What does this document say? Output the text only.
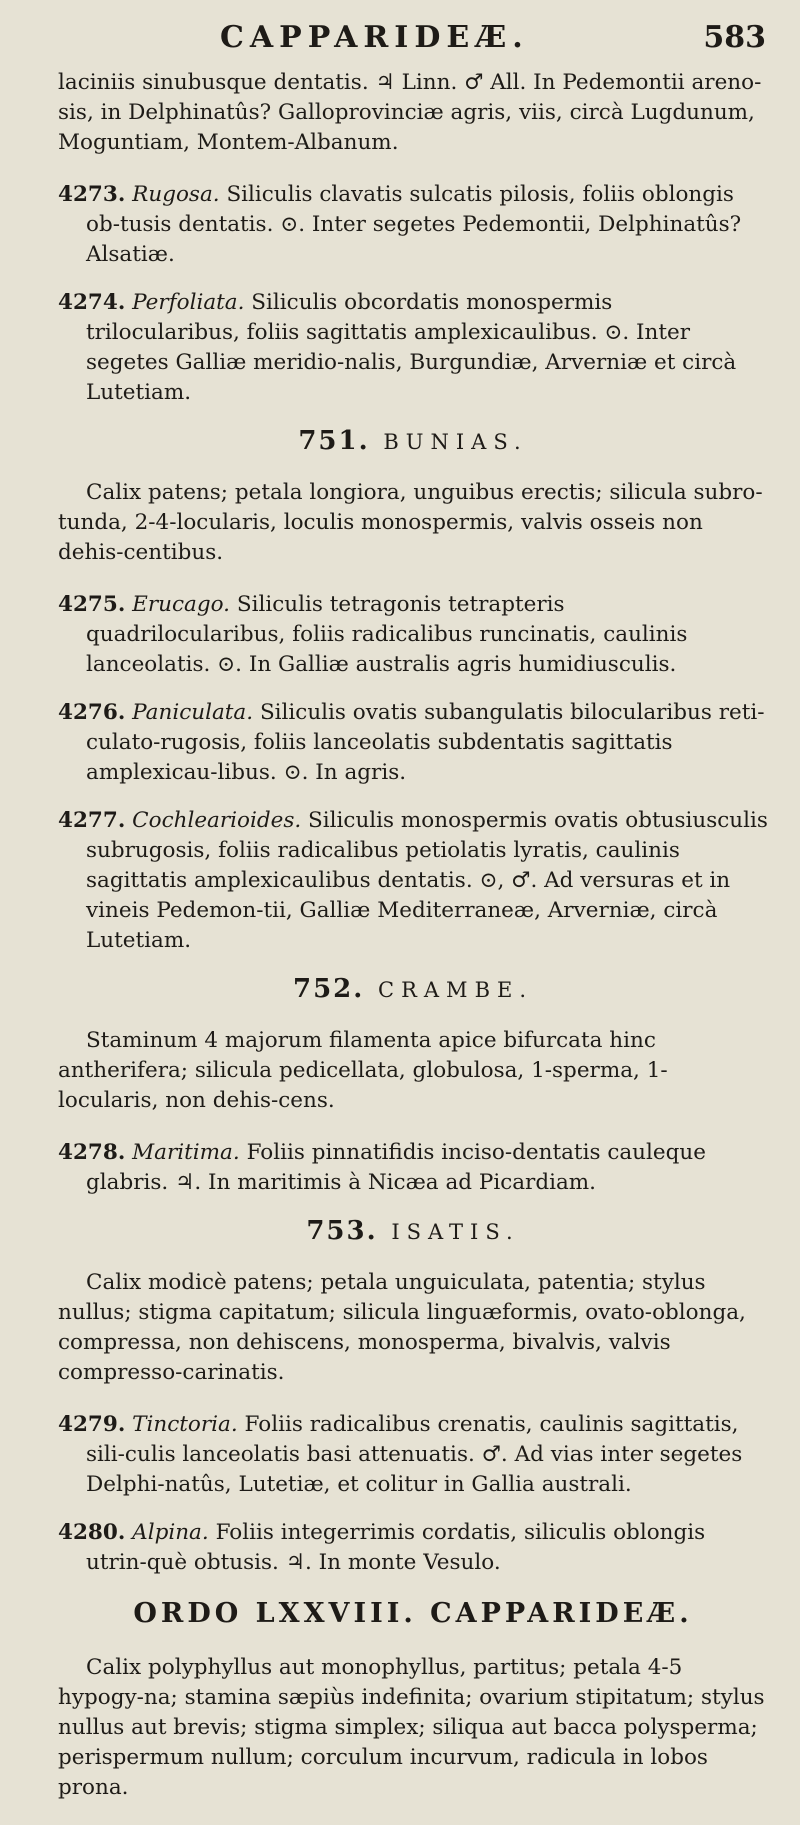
CAPPARIDEÆ.	583

laciniis sinubusque dentatis. ♃ Linn. ♂ All. In Pedemontii areno-sis, in Delphinatûs? Galloprovinciæ agris, viis, circà Lugdunum, Moguntiam, Montem-Albanum.

4273. Rugosa. Siliculis clavatis sulcatis pilosis, foliis oblongis ob-tusis dentatis. ⊙. Inter segetes Pedemontii, Delphinatûs? Alsatiæ.

4274. Perfoliata. Siliculis obcordatis monospermis trilocularibus, foliis sagittatis amplexicaulibus. ⊙. Inter segetes Galliæ meridio-nalis, Burgundiæ, Arverniæ et circà Lutetiam.

751. BUNIAS.

Calix patens; petala longiora, unguibus erectis; silicula subro-tunda, 2-4-locularis, loculis monospermis, valvis osseis non dehis-centibus.

4275. Erucago. Siliculis tetragonis tetrapteris quadrilocularibus, foliis radicalibus runcinatis, caulinis lanceolatis. ⊙. In Galliæ australis agris humidiusculis.

4276. Paniculata. Siliculis ovatis subangulatis bilocularibus reti-culato-rugosis, foliis lanceolatis subdentatis sagittatis amplexicau-libus. ⊙. In agris.

4277. Cochlearioides. Siliculis monospermis ovatis obtusiusculis subrugosis, foliis radicalibus petiolatis lyratis, caulinis sagittatis amplexicaulibus dentatis. ⊙, ♂. Ad versuras et in vineis Pedemon-tii, Galliæ Mediterraneæ, Arverniæ, circà Lutetiam.

752. CRAMBE.

Staminum 4 majorum filamenta apice bifurcata hinc antherifera; silicula pedicellata, globulosa, 1-sperma, 1-locularis, non dehis-cens.

4278. Maritima. Foliis pinnatifidis inciso-dentatis cauleque glabris. ♃. In maritimis à Nicæa ad Picardiam.

753. ISATIS.

Calix modicè patens; petala unguiculata, patentia; stylus nullus; stigma capitatum; silicula linguæformis, ovato-oblonga, compressa, non dehiscens, monosperma, bivalvis, valvis compresso-carinatis.

4279. Tinctoria. Foliis radicalibus crenatis, caulinis sagittatis, sili-culis lanceolatis basi attenuatis. ♂. Ad vias inter segetes Delphi-natûs, Lutetiæ, et colitur in Gallia australi.

4280. Alpina. Foliis integerrimis cordatis, siliculis oblongis utrin-què obtusis. ♃. In monte Vesulo.

ORDO LXXVIII. CAPPARIDEÆ.

Calix polyphyllus aut monophyllus, partitus; petala 4-5 hypogy-na; stamina sæpiùs indefinita; ovarium stipitatum; stylus nullus aut brevis; stigma simplex; siliqua aut bacca polysperma; perispermum nullum; corculum incurvum, radicula in lobos prona.
